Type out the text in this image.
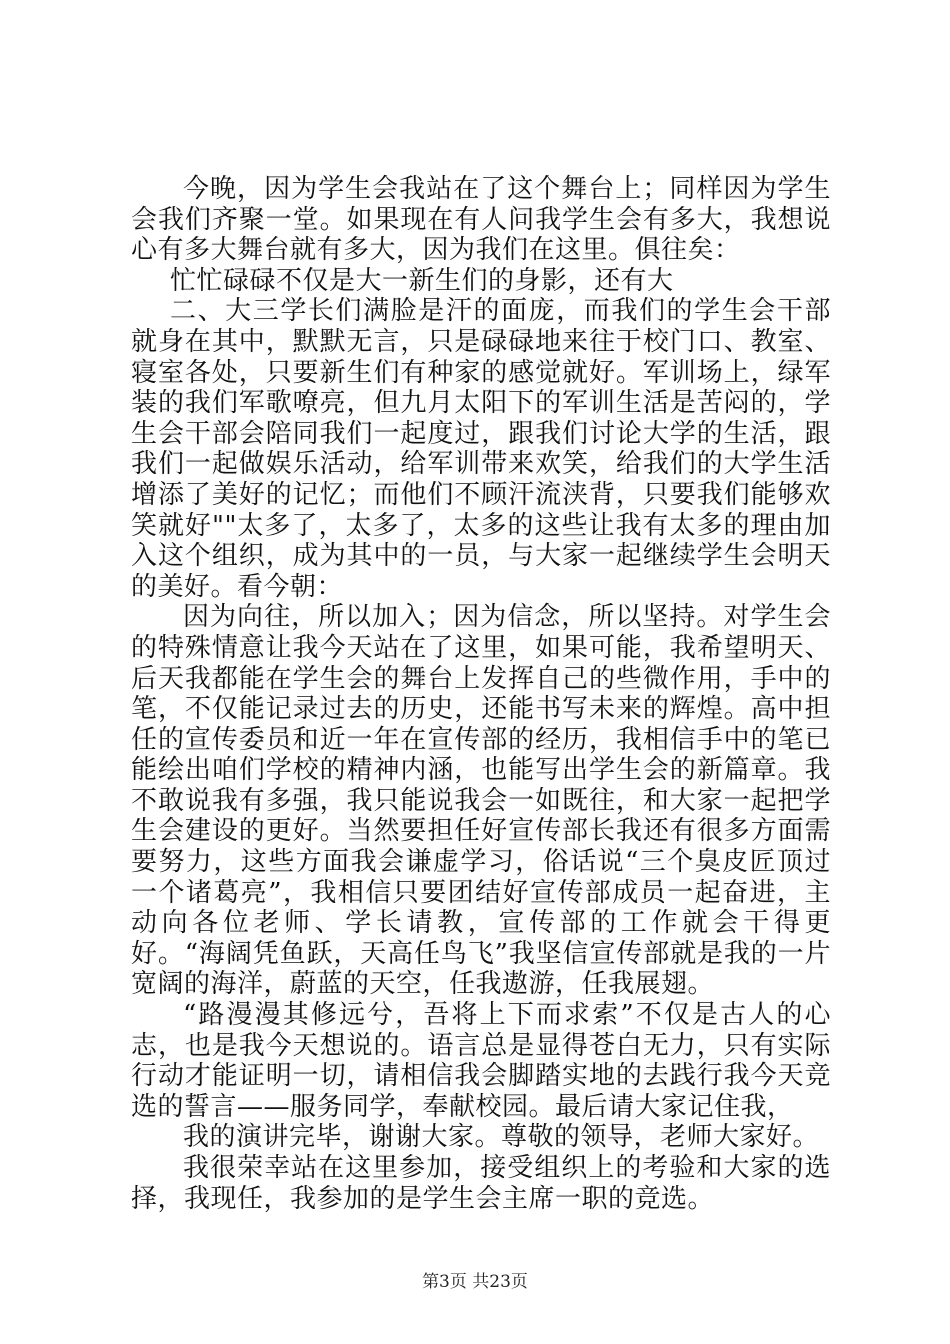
今晚，因为学生会我站在了这个舞台上；同样因为学生会我们齐聚一堂。如果现在有人问我学生会有多大，我想说心有多大舞台就有多大，因为我们在这里。俱往矣：

忙忙碌碌不仅是大一新生们的身影，还有大

二、大三学长们满脸是汗的面庞，而我们的学生会干部就身在其中，默默无言，只是碌碌地来往于校门口、教室、寝室各处，只要新生们有种家的感觉就好。军训场上，绿军装的我们军歌嘹亮，但九月太阳下的军训生活是苦闷的，学生会干部会陪同我们一起度过，跟我们讨论大学的生活，跟我们一起做娱乐活动，给军训带来欢笑，给我们的大学生活增添了美好的记忆；而他们不顾汗流浃背，只要我们能够欢笑就好""太多了，太多了，太多的这些让我有太多的理由加入这个组织，成为其中的一员，与大家一起继续学生会明天的美好。看今朝：

因为向往，所以加入；因为信念，所以坚持。对学生会的特殊情意让我今天站在了这里，如果可能，我希望明天、后天我都能在学生会的舞台上发挥自己的些微作用，手中的笔，不仅能记录过去的历史，还能书写未来的辉煌。高中担任的宣传委员和近一年在宣传部的经历，我相信手中的笔已能绘出咱们学校的精神内涵，也能写出学生会的新篇章。我不敢说我有多强，我只能说我会一如既往，和大家一起把学生会建设的更好。当然要担任好宣传部长我还有很多方面需要努力，这些方面我会谦虚学习，俗话说“三个臭皮匠顶过一个诸葛亮”，我相信只要团结好宣传部成员一起奋进，主动向各位老师、学长请教，宣传部的工作就会干得更好。“海阔凭鱼跃，天高任鸟飞”我坚信宣传部就是我的一片宽阔的海洋，蔚蓝的天空，任我遨游，任我展翅。

“路漫漫其修远兮，吾将上下而求索”不仅是古人的心志，也是我今天想说的。语言总是显得苍白无力，只有实际行动才能证明一切，请相信我会脚踏实地的去践行我今天竞选的誓言——服务同学，奉献校园。最后请大家记住我，

我的演讲完毕，谢谢大家。尊敬的领导，老师大家好。

我很荣幸站在这里参加，接受组织上的考验和大家的选择，我现任，我参加的是学生会主席一职的竞选。

第3页 共23页
